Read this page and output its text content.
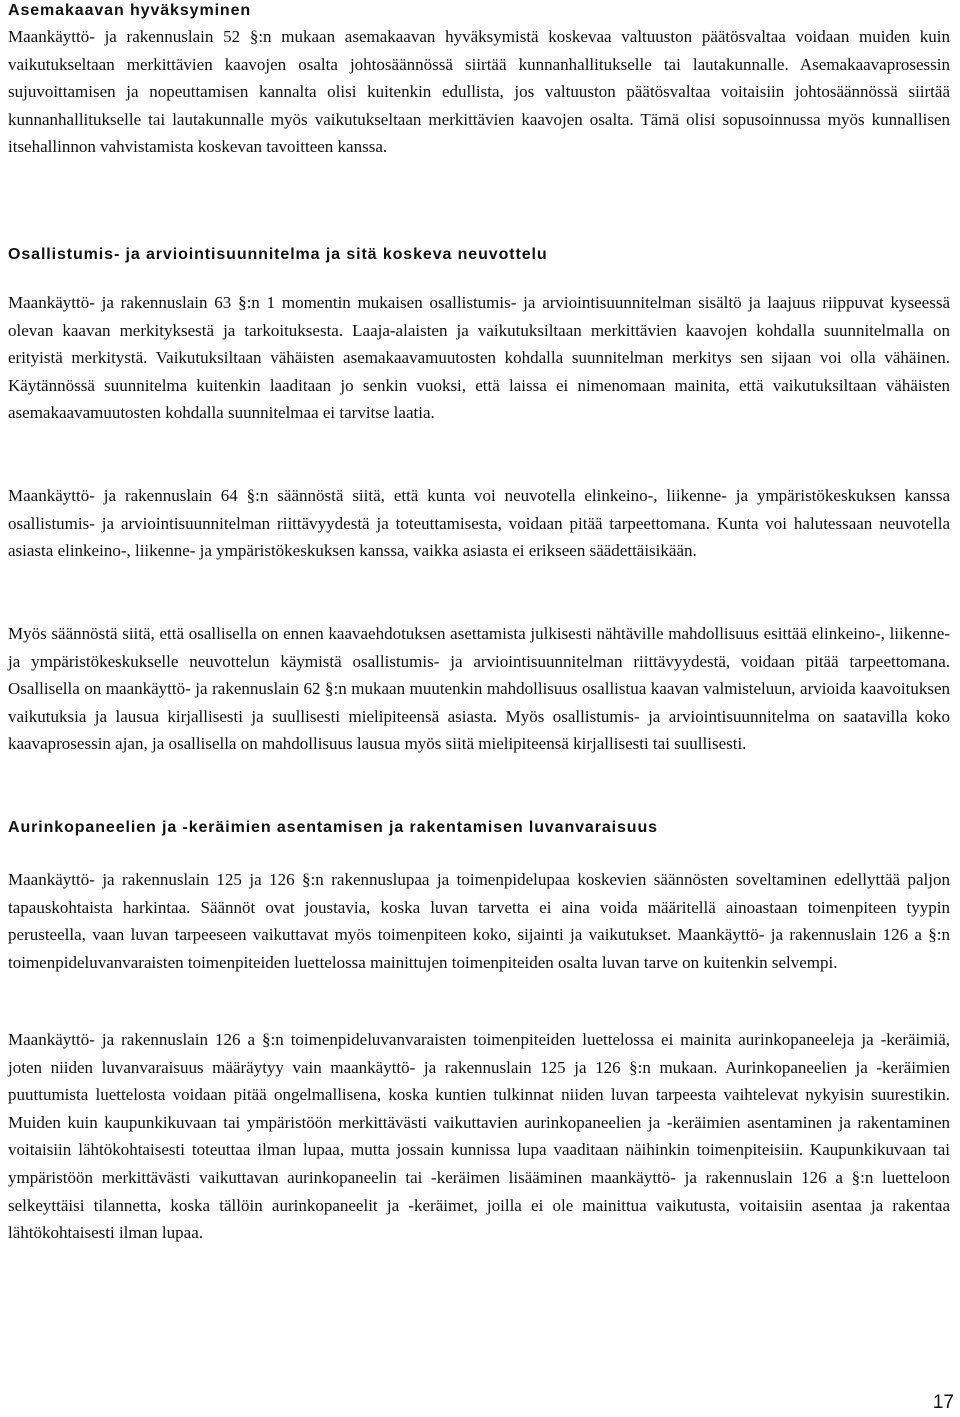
Asemakaavan hyväksyminen

Maankäyttö- ja rakennuslain 52 §:n mukaan asemakaavan hyväksymistä koskevaa valtuuston päätösvaltaa voidaan muiden kuin vaikutukseltaan merkittävien kaavojen osalta johtosäännössä siirtää kunnanhallitukselle tai lautakunnalle. Asemakaavaprosessin sujuvoittamisen ja nopeuttamisen kannalta olisi kuitenkin edullista, jos valtuuston päätösvaltaa voitaisiin johtosäännössä siirtää kunnanhallitukselle tai lautakunnalle myös vaikutukseltaan merkittävien kaavojen osalta. Tämä olisi sopusoinnussa myös kunnallisen itsehallinnon vahvistamista koskevan tavoitteen kanssa.

Osallistumis- ja arviointisuunnitelma ja sitä koskeva neuvottelu

Maankäyttö- ja rakennuslain 63 §:n 1 momentin mukaisen osallistumis- ja arviointisuunnitelman sisältö ja laajuus riippuvat kyseessä olevan kaavan merkityksestä ja tarkoituksesta. Laaja-alaisten ja vaikutuksiltaan merkittävien kaavojen kohdalla suunnitelmalla on erityistä merkitystä. Vaikutuksiltaan vähäisten asemakaavamuutosten kohdalla suunnitelman merkitys sen sijaan voi olla vähäinen. Käytännössä suunnitelma kuitenkin laaditaan jo senkin vuoksi, että laissa ei nimenomaan mainita, että vaikutuksiltaan vähäisten asemakaavamuutosten kohdalla suunnitelmaa ei tarvitse laatia.

Maankäyttö- ja rakennuslain 64 §:n säännöstä siitä, että kunta voi neuvotella elinkeino-, liikenne- ja ympäristökeskuksen kanssa osallistumis- ja arviointisuunnitelman riittävyydestä ja toteuttamisesta, voidaan pitää tarpeettomana. Kunta voi halutessaan neuvotella asiasta elinkeino-, liikenne- ja ympäristökeskuksen kanssa, vaikka asiasta ei erikseen säädettäisikään.

Myös säännöstä siitä, että osallisella on ennen kaavaehdotuksen asettamista julkisesti nähtäville mahdollisuus esittää elinkeino-, liikenne- ja ympäristökeskukselle neuvottelun käymistä osallistumis- ja arviointisuunnitelman riittävyydestä, voidaan pitää tarpeettomana. Osallisella on maankäyttö- ja rakennuslain 62 §:n mukaan muutenkin mahdollisuus osallistua kaavan valmisteluun, arvioida kaavoituksen vaikutuksia ja lausua kirjallisesti ja suullisesti mielipiteensä asiasta. Myös osallistumis- ja arviointisuunnitelma on saatavilla koko kaavaprosessin ajan, ja osallisella on mahdollisuus lausua myös siitä mielipiteensä kirjallisesti tai suullisesti.

Aurinkopaneelien ja -keräimien asentamisen ja rakentamisen luvanvaraisuus

Maankäyttö- ja rakennuslain 125 ja 126 §:n rakennuslupaa ja toimenpidelupaa koskevien säännösten soveltaminen edellyttää paljon tapauskohtaista harkintaa. Säännöt ovat joustavia, koska luvan tarvetta ei aina voida määritellä ainoastaan toimenpiteen tyypin perusteella, vaan luvan tarpeeseen vaikuttavat myös toimenpiteen koko, sijainti ja vaikutukset. Maankäyttö- ja rakennuslain 126 a §:n toimenpideluvanvaraisten toimenpiteiden luettelossa mainittujen toimenpiteiden osalta luvan tarve on kuitenkin selvempi.

Maankäyttö- ja rakennuslain 126 a §:n toimenpideluvanvaraisten toimenpiteiden luettelossa ei mainita aurinkopaneeleja ja -keräimiä, joten niiden luvanvaraisuus määräytyy vain maankäyttö- ja rakennuslain 125 ja 126 §:n mukaan. Aurinkopaneelien ja -keräimien puuttumista luettelosta voidaan pitää ongelmallisena, koska kuntien tulkinnat niiden luvan tarpeesta vaihtelevat nykyisin suurestikin. Muiden kuin kaupunkikuvaan tai ympäristöön merkittävästi vaikuttavien aurinkopaneelien ja -keräimien asentaminen ja rakentaminen voitaisiin lähtökohtaisesti toteuttaa ilman lupaa, mutta jossain kunnissa lupa vaaditaan näihinkin toimenpiteisiin. Kaupunkikuvaan tai ympäristöön merkittävästi vaikuttavan aurinkopaneelin tai -keräimen lisääminen maankäyttö- ja rakennuslain 126 a §:n luetteloon selkeyttäisi tilannetta, koska tällöin aurinkopaneelit ja -keräimet, joilla ei ole mainittua vaikutusta, voitaisiin asentaa ja rakentaa lähtökohtaisesti ilman lupaa.

17
